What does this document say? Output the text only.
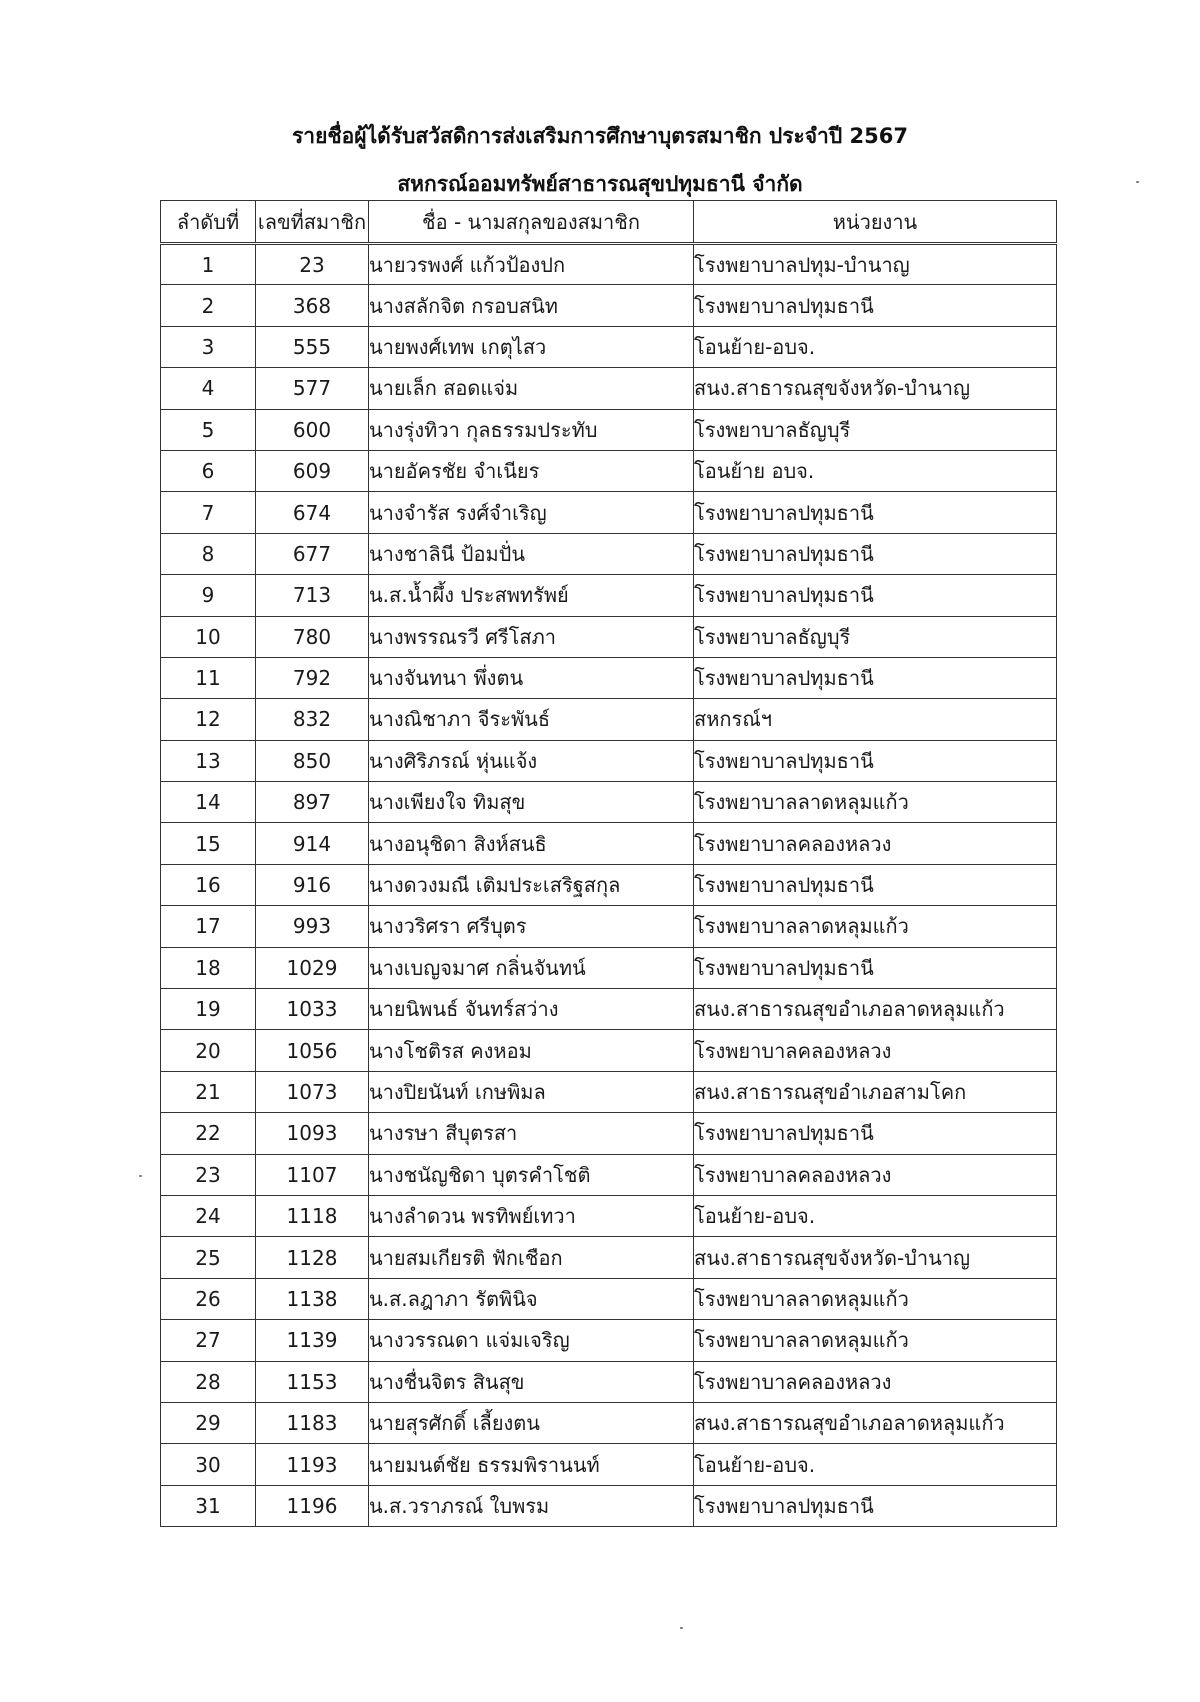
รายชื่อผู้ได้รับสวัสดิการส่งเสริมการศึกษาบุตรสมาชิก ประจำปี 2567
สหกรณ์ออมทรัพย์สาธารณสุขปทุมธานี จำกัด
ลำดับที่	เลขที่สมาชิก	ชื่อ - นามสกุลของสมาชิก	หน่วยงาน
1	23	นายวรพงศ์ แก้วป้องปก	โรงพยาบาลปทุม-บำนาญ
2	368	นางสลักจิต กรอบสนิท	โรงพยาบาลปทุมธานี
3	555	นายพงศ์เทพ เกตุไสว	โอนย้าย-อบจ.
4	577	นายเล็ก สอดแจ่ม	สนง.สาธารณสุขจังหวัด-บำนาญ
5	600	นางรุ่งทิวา กุลธรรมประทับ	โรงพยาบาลธัญบุรี
6	609	นายอัครชัย จำเนียร	โอนย้าย อบจ.
7	674	นางจำรัส รงศ์จำเริญ	โรงพยาบาลปทุมธานี
8	677	นางชาลินี ป้อมปั่น	โรงพยาบาลปทุมธานี
9	713	น.ส.น้ำผึ้ง ประสพทรัพย์	โรงพยาบาลปทุมธานี
10	780	นางพรรณรวี ศรีโสภา	โรงพยาบาลธัญบุรี
11	792	นางจันทนา พึ่งตน	โรงพยาบาลปทุมธานี
12	832	นางณิชาภา จีระพันธ์	สหกรณ์ฯ
13	850	นางศิริภรณ์ หุ่นแจ้ง	โรงพยาบาลปทุมธานี
14	897	นางเพียงใจ ทิมสุข	โรงพยาบาลลาดหลุมแก้ว
15	914	นางอนุชิดา สิงห์สนธิ	โรงพยาบาลคลองหลวง
16	916	นางดวงมณี เติมประเสริฐสกุล	โรงพยาบาลปทุมธานี
17	993	นางวริศรา ศรีบุตร	โรงพยาบาลลาดหลุมแก้ว
18	1029	นางเบญจมาศ กลิ่นจันทน์	โรงพยาบาลปทุมธานี
19	1033	นายนิพนธ์ จันทร์สว่าง	สนง.สาธารณสุขอำเภอลาดหลุมแก้ว
20	1056	นางโชติรส คงหอม	โรงพยาบาลคลองหลวง
21	1073	นางปิยนันท์ เกษพิมล	สนง.สาธารณสุขอำเภอสามโคก
22	1093	นางรษา สีบุตรสา	โรงพยาบาลปทุมธานี
23	1107	นางชนัญชิดา บุตรคำโชติ	โรงพยาบาลคลองหลวง
24	1118	นางลำดวน พรทิพย์เทวา	โอนย้าย-อบจ.
25	1128	นายสมเกียรติ ฟักเชือก	สนง.สาธารณสุขจังหวัด-บำนาญ
26	1138	น.ส.ลฎาภา รัตพินิจ	โรงพยาบาลลาดหลุมแก้ว
27	1139	นางวรรณดา แจ่มเจริญ	โรงพยาบาลลาดหลุมแก้ว
28	1153	นางชื่นจิตร สินสุข	โรงพยาบาลคลองหลวง
29	1183	นายสุรศักดิ์ เลี้ยงตน	สนง.สาธารณสุขอำเภอลาดหลุมแก้ว
30	1193	นายมนต์ชัย ธรรมพิรานนท์	โอนย้าย-อบจ.
31	1196	น.ส.วราภรณ์ ใบพรม	โรงพยาบาลปทุมธานี
